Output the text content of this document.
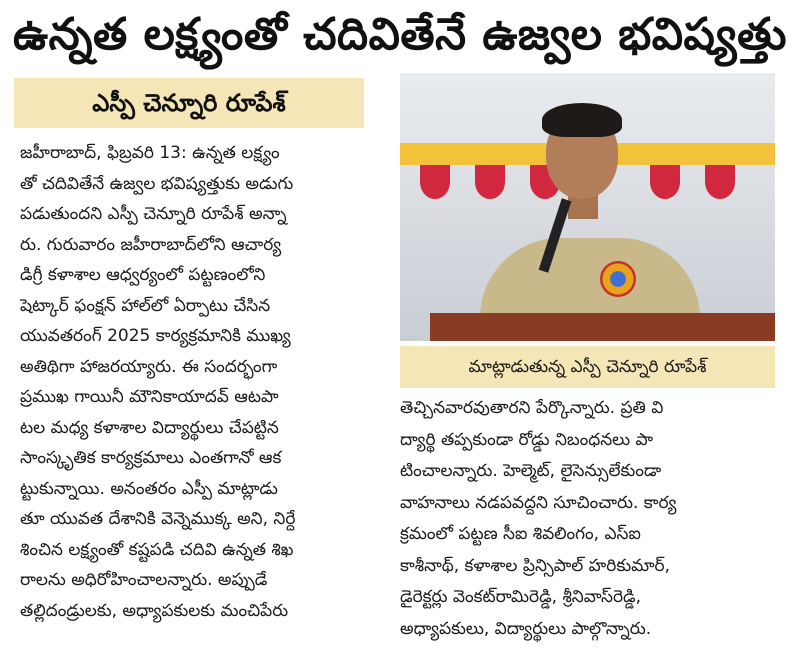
ఉన్నత లక్ష్యంతో చదివితేనే ఉజ్వల భవిష్యత్తు
ఎస్పీ చెన్నూరి రూపేశ్
జహీరాబాద్, ఫిబ్రవరి 13: ఉన్నత లక్ష్యం
తో చదివితేనే ఉజ్వల భవిష్యత్తుకు అడుగు
పడుతుందని ఎస్పీ చెన్నూరి రూపేశ్ అన్నా
రు. గురువారం జహీరాబాద్‌లోని ఆచార్య
డిగ్రీ కళాశాల ఆధ్వర్యంలో పట్టణంలోని
షెట్కార్ ఫంక్షన్ హాల్‌లో ఏర్పాటు చేసిన
యువతరంగ్ 2025 కార్యక్రమానికి ముఖ్య
అతిథిగా హాజరయ్యారు. ఈ సందర్భంగా
ప్రముఖ గాయినీ మౌనికాయాదవ్ ఆటపా
టల మధ్య కళాశాల విద్యార్థులు చేపట్టిన
సాంస్కృతిక కార్యక్రమాలు ఎంతగానో ఆక
ట్టుకున్నాయి. అనంతరం ఎస్పీ మాట్లాడు
తూ యువత దేశానికి వెన్నెముక్క అని, నిర్దే
శించిన లక్ష్యంతో కష్టపడి చదివి ఉన్నత శిఖ
రాలను అధిరోహించాలన్నారు. అప్పుడే
తల్లిదండ్రులకు, అధ్యాపకులకు మంచిపేరు
మాట్లాడుతున్న ఎస్పీ చెన్నూరి రూపేశ్
తెచ్చినవారవుతారని పేర్కొన్నారు. ప్రతి వి
ద్యార్థి తప్పకుండా రోడ్డు నిబంధనలు పా
టించాలన్నారు. హెల్మెట్, లైసెన్సులేకుండా
వాహనాలు నడపవద్దని సూచించారు. కార్య
క్రమంలో పట్టణ సీఐ శివలింగం, ఎస్ఐ
కాశీనాథ్, కళాశాల ప్రిన్సిపాల్ హరికుమార్,
డైరెక్టర్లు వెంకట్‌రామిరెడ్డి, శ్రీనివాస్‌రెడ్డి,
అధ్యాపకులు, విద్యార్థులు పాల్గొన్నారు.
